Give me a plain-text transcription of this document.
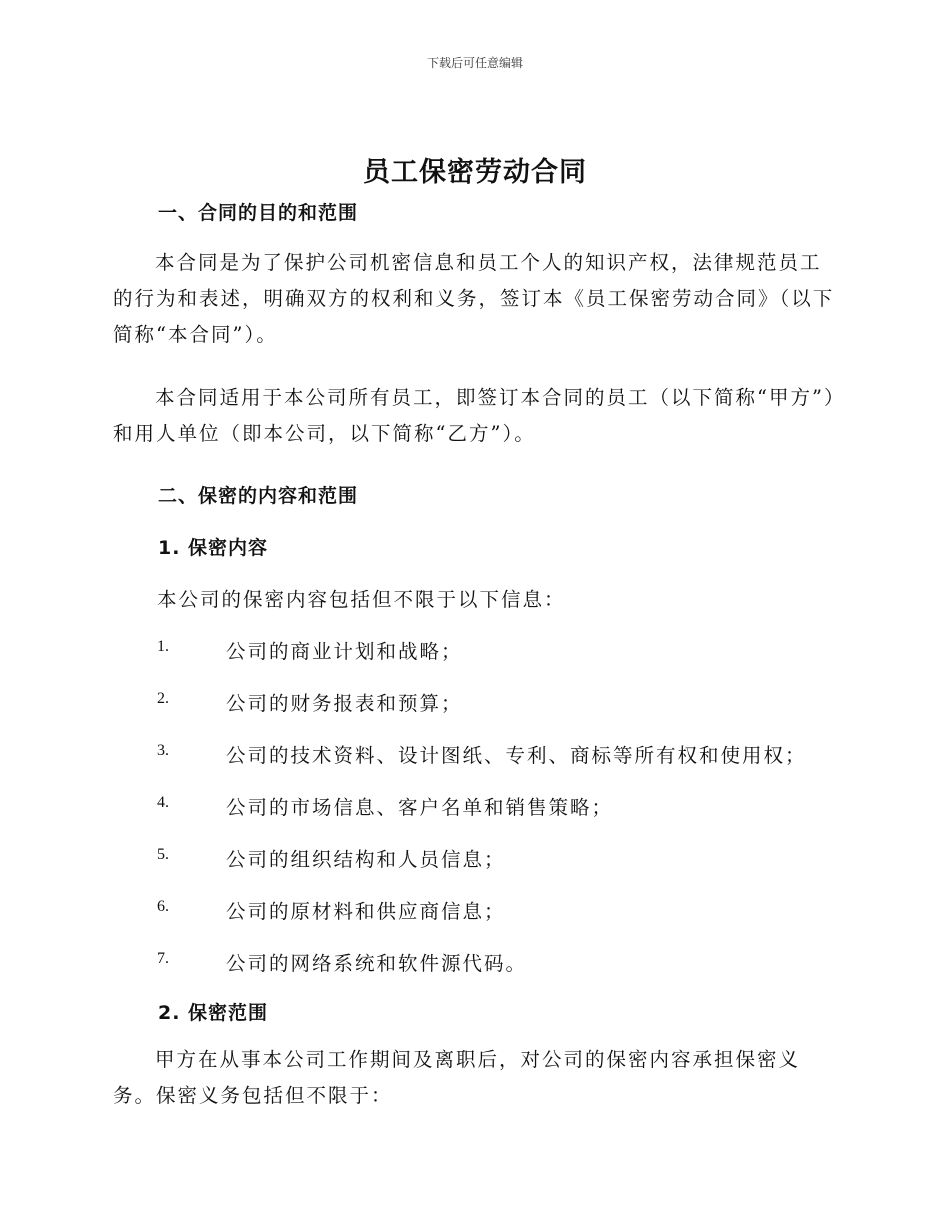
下载后可任意编辑
员工保密劳动合同
一、合同的目的和范围

本合同是为了保护公司机密信息和员工个人的知识产权，法律规范员工的行为和表述，明确双方的权利和义务，签订本《员工保密劳动合同》（以下简称“本合同”）。

本合同适用于本公司所有员工，即签订本合同的员工（以下简称“甲方”）和用人单位（即本公司，以下简称“乙方”）。

二、保密的内容和范围
1. 保密内容

本公司的保密内容包括但不限于以下信息：

1.	公司的商业计划和战略；
2.	公司的财务报表和预算；
3.	公司的技术资料、设计图纸、专利、商标等所有权和使用权；
4.	公司的市场信息、客户名单和销售策略；
5.	公司的组织结构和人员信息；
6.	公司的原材料和供应商信息；
7.	公司的网络系统和软件源代码。
2. 保密范围

甲方在从事本公司工作期间及离职后，对公司的保密内容承担保密义务。保密义务包括但不限于：
